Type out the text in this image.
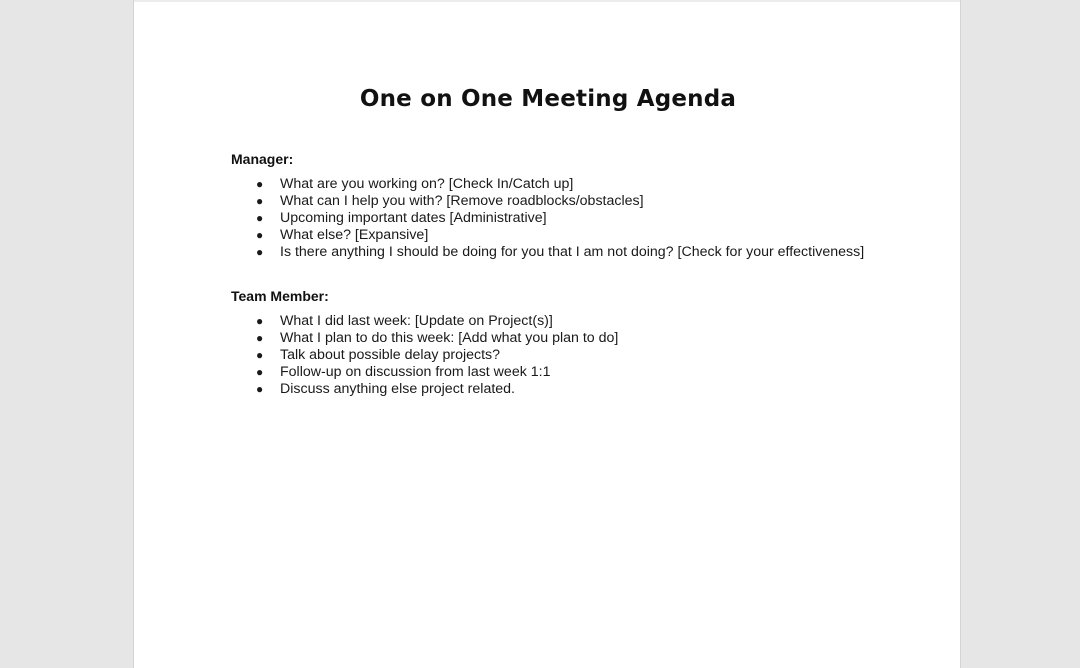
One on One Meeting Agenda

Manager:

● What are you working on? [Check In/Catch up]
● What can I help you with? [Remove roadblocks/obstacles]
● Upcoming important dates [Administrative]
● What else? [Expansive]
● Is there anything I should be doing for you that I am not doing? [Check for your effectiveness]

Team Member:

● What I did last week: [Update on Project(s)]
● What I plan to do this week: [Add what you plan to do]
● Talk about possible delay projects?
● Follow-up on discussion from last week 1:1
● Discuss anything else project related.
